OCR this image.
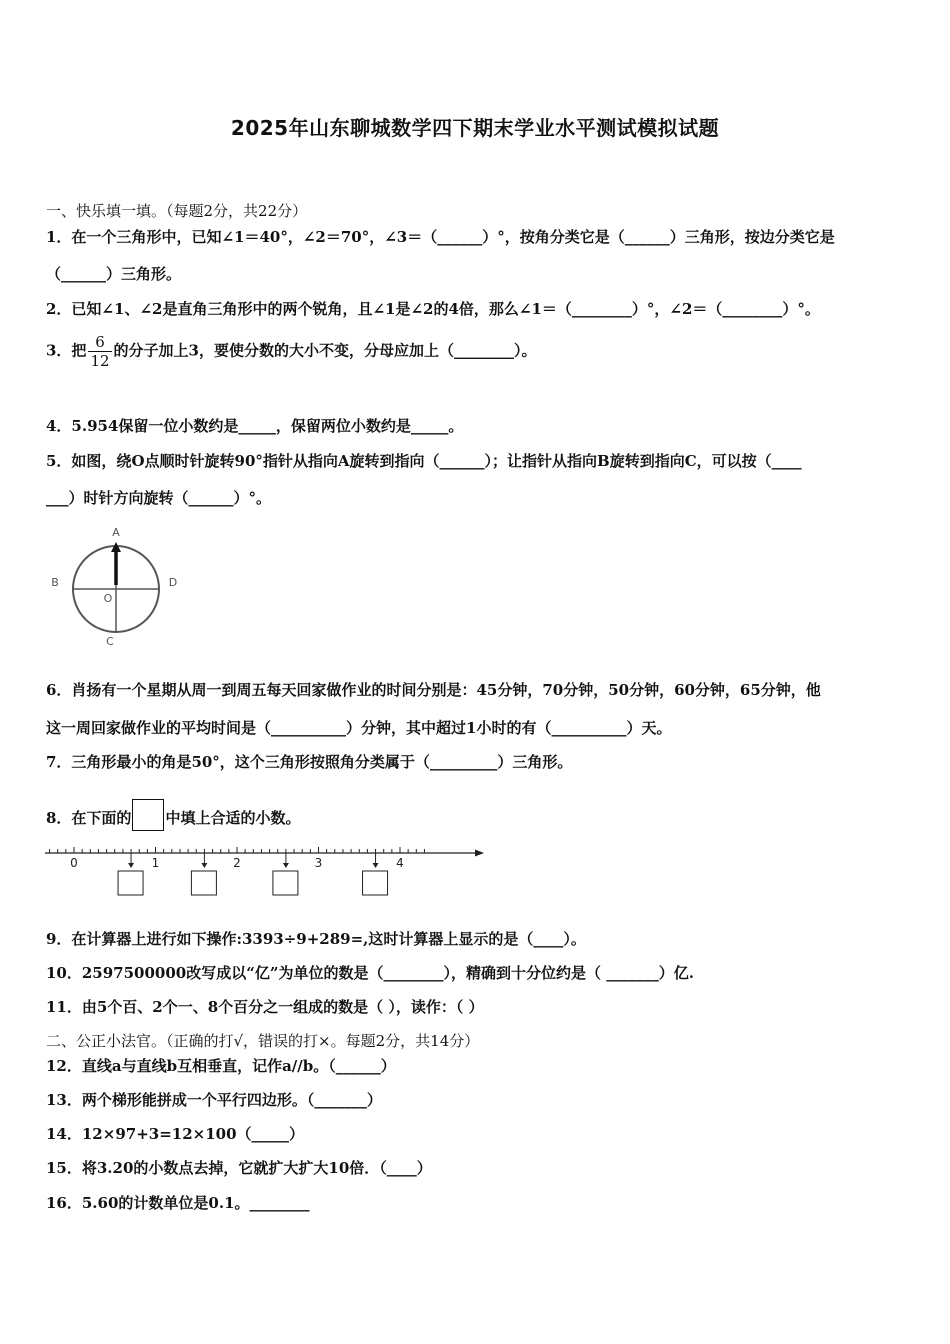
2025年山东聊城数学四下期末学业水平测试模拟试题
一、快乐填一填。（每题2分，共22分）
1．在一个三角形中，已知∠1＝40°，∠2＝70°，∠3＝（______）°，按角分类它是（______）三角形，按边分类它是
（______）三角形。
2．已知∠1、∠2是直角三角形中的两个锐角，且∠1是∠2的4倍，那么∠1＝（________）°，∠2＝（________）°。
3．把 $\frac{6}{12}$ 的分子加上3，要使分数的大小不变，分母应加上（________）。
4．5.954保留一位小数约是_____，保留两位小数约是_____。
5．如图，绕O点顺时针旋转90°指针从指向A旋转到指向（______）；让指针从指向B旋转到指向C，可以按（____
___）时针方向旋转（______）°。
A
B
C
D
O
6．肖扬有一个星期从周一到周五每天回家做作业的时间分别是：45分钟，70分钟，50分钟，60分钟，65分钟，他
这一周回家做作业的平均时间是（__________）分钟，其中超过1小时的有（__________）天。
7．三角形最小的角是50°，这个三角形按照角分类属于（_________）三角形。
8．在下面的 中填上合适的小数。
0	1	2	3	4
9．在计算器上进行如下操作:3393÷9+289=,这时计算器上显示的是（____）。
10．2597500000改写成以“亿”为单位的数是（________），精确到十分位约是（ _______）亿.
11．由5个百、2个一、8个百分之一组成的数是（ ），读作：（ ）
二、公正小法官。（正确的打√，错误的打×。每题2分，共14分）
12．直线a与直线b互相垂直，记作a//b。（______）
13．两个梯形能拼成一个平行四边形。（_______）
14．12×97+3=12×100（_____）
15．将3.20的小数点去掉，它就扩大扩大10倍．（____）
16．5.60的计数单位是0.1。________
